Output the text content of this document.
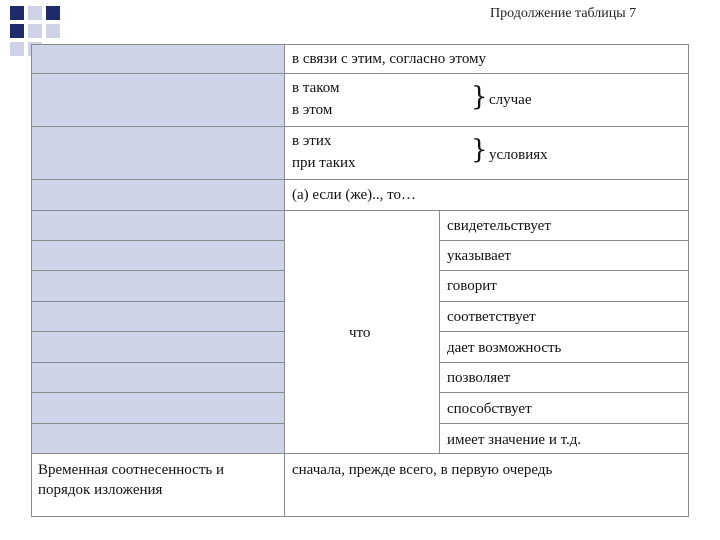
Продолжение таблицы 7
в связи с этим, согласно этому
в таком
в этом	} случае
в этих
при таких	} условиях
(а) если (же).., то…
что
свидетельствует
указывает
говорит
соответствует
дает возможность
позволяет
способствует
имеет значение и т.д.
Временная соотнесенность и порядок изложения
сначала, прежде всего, в первую очередь
